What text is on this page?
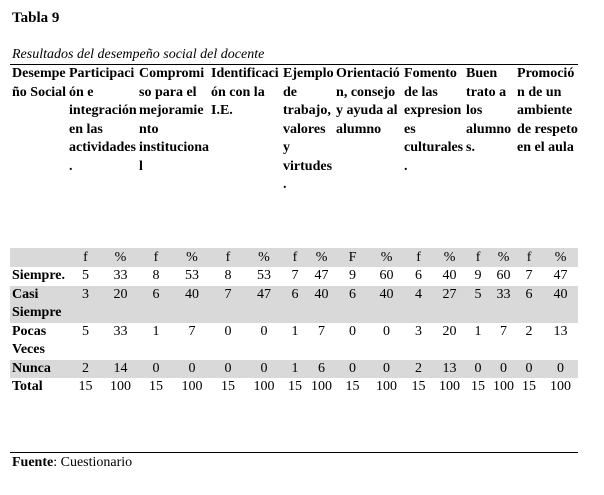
Tabla 9
Resultados del desempeño social del docente
Desempeño Social	Participación e integración en las actividades.		Compromiso para el mejoramiento institucional		Identificación con la I.E.		Ejemplo de trabajo, valores y virtudes.		Orientación, consejo y ayuda al alumno		Fomento de las expresiones culturales.		Buen trato a los alumnos.		Promoción de un ambiente de respeto en el aula	
	f	%	f	%	f	%	f	%	F	%	f	%	f	%	f	%
Siempre.	5	33	8	53	8	53	7	47	9	60	6	40	9	60	7	47
Casi Siempre	3	20	6	40	7	47	6	40	6	40	4	27	5	33	6	40
Pocas Veces	5	33	1	7	0	0	1	7	0	0	3	20	1	7	2	13
Nunca	2	14	0	0	0	0	1	6	0	0	2	13	0	0	0	0
Total	15	100	15	100	15	100	15	100	15	100	15	100	15	100	15	100
Fuente: Cuestionario
